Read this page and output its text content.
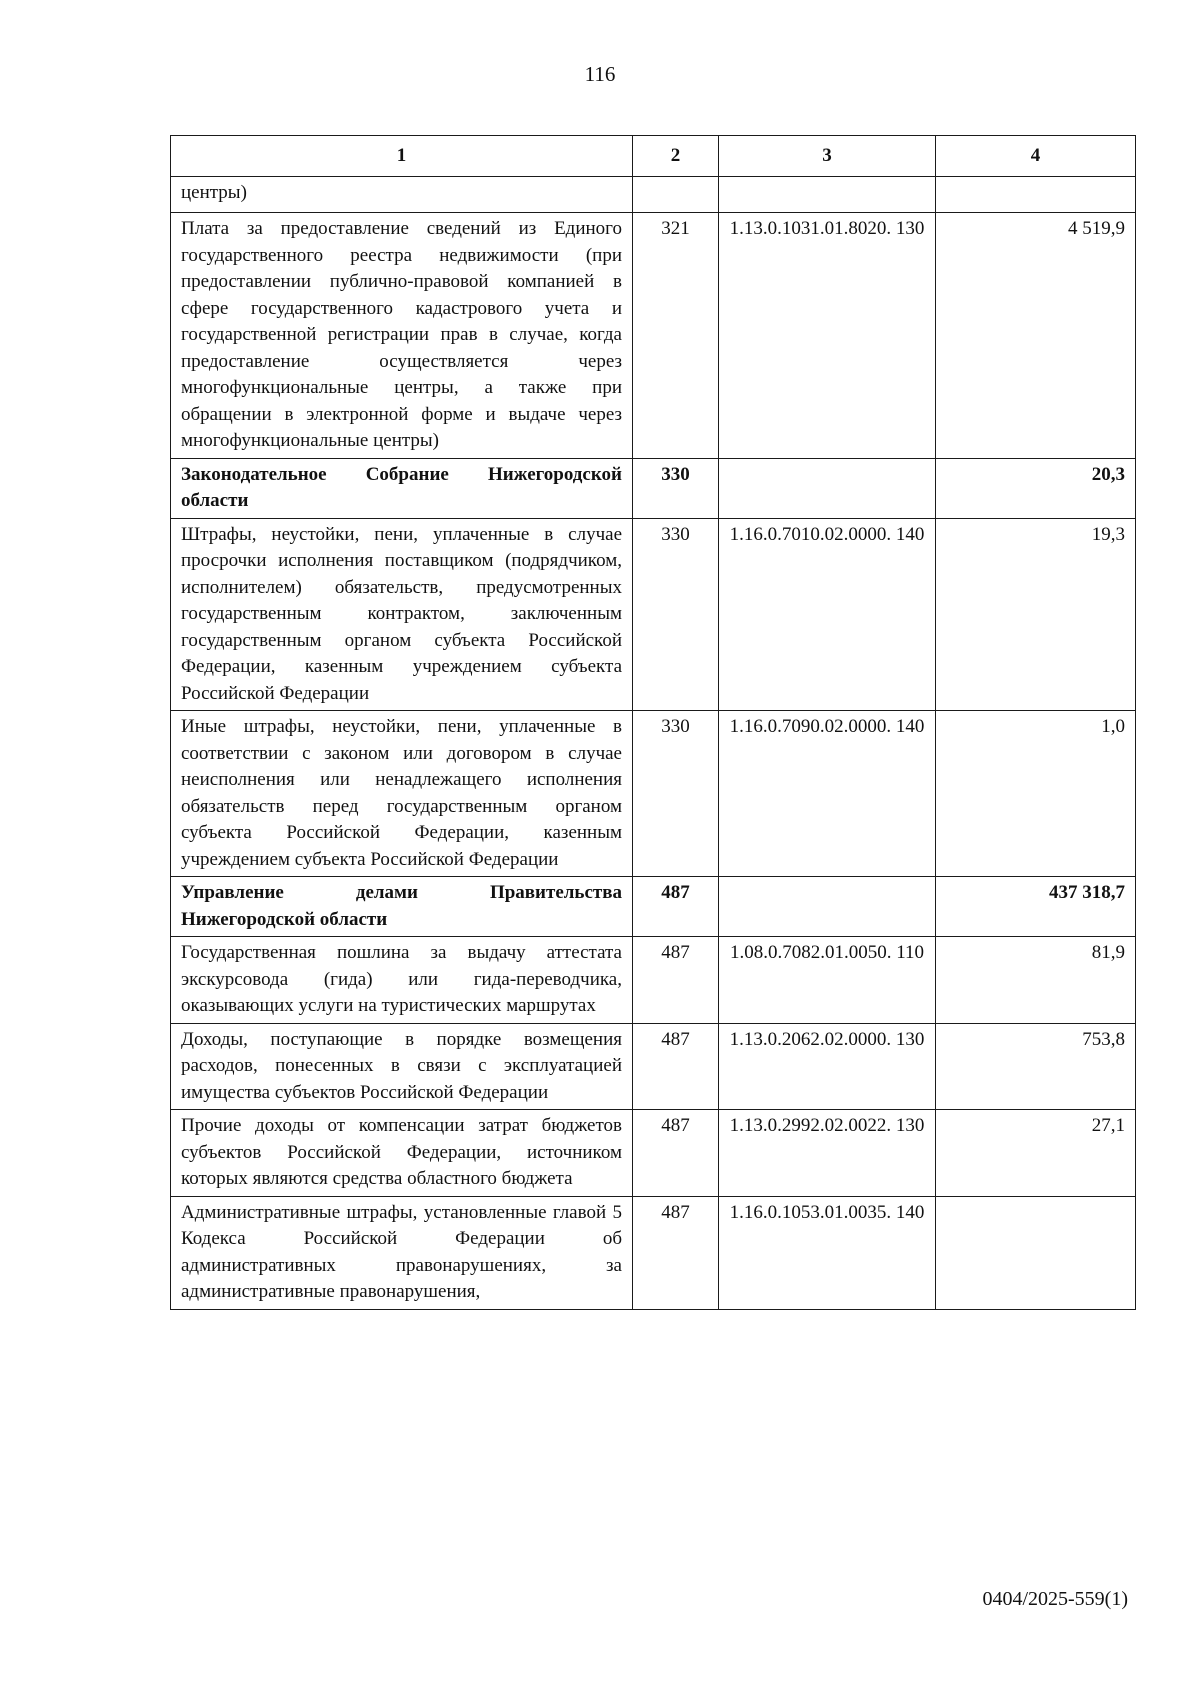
116
1	2	3	4
центры)			
Плата за предоставление сведений из Единого государственного реестра недвижимости (при предоставлении публично-правовой компанией в сфере государственного кадастрового учета и государственной регистрации прав в случае, когда предоставление осуществляется через многофункциональные центры, а также при обращении в электронной форме и выдаче через многофункциональные центры)	321	1.13.0.1031.01.8020. 130	4 519,9
Законодательное Собрание Нижегородской области	330		20,3
Штрафы, неустойки, пени, уплаченные в случае просрочки исполнения поставщиком (подрядчиком, исполнителем) обязательств, предусмотренных государственным контрактом, заключенным государственным органом субъекта Российской Федерации, казенным учреждением субъекта Российской Федерации	330	1.16.0.7010.02.0000. 140	19,3
Иные штрафы, неустойки, пени, уплаченные в соответствии с законом или договором в случае неисполнения или ненадлежащего исполнения обязательств перед государственным органом субъекта Российской Федерации, казенным учреждением субъекта Российской Федерации	330	1.16.0.7090.02.0000. 140	1,0
Управление делами Правительства Нижегородской области	487		437 318,7
Государственная пошлина за выдачу аттестата экскурсовода (гида) или гида-переводчика, оказывающих услуги на туристических маршрутах	487	1.08.0.7082.01.0050. 110	81,9
Доходы, поступающие в порядке возмещения расходов, понесенных в связи с эксплуатацией имущества субъектов Российской Федерации	487	1.13.0.2062.02.0000. 130	753,8
Прочие доходы от компенсации затрат бюджетов субъектов Российской Федерации, источником которых являются средства областного бюджета	487	1.13.0.2992.02.0022. 130	27,1
Административные штрафы, установленные главой 5 Кодекса Российской Федерации об административных правонарушениях, за административные правонарушения,	487	1.16.0.1053.01.0035. 140	
0404/2025-559(1)
